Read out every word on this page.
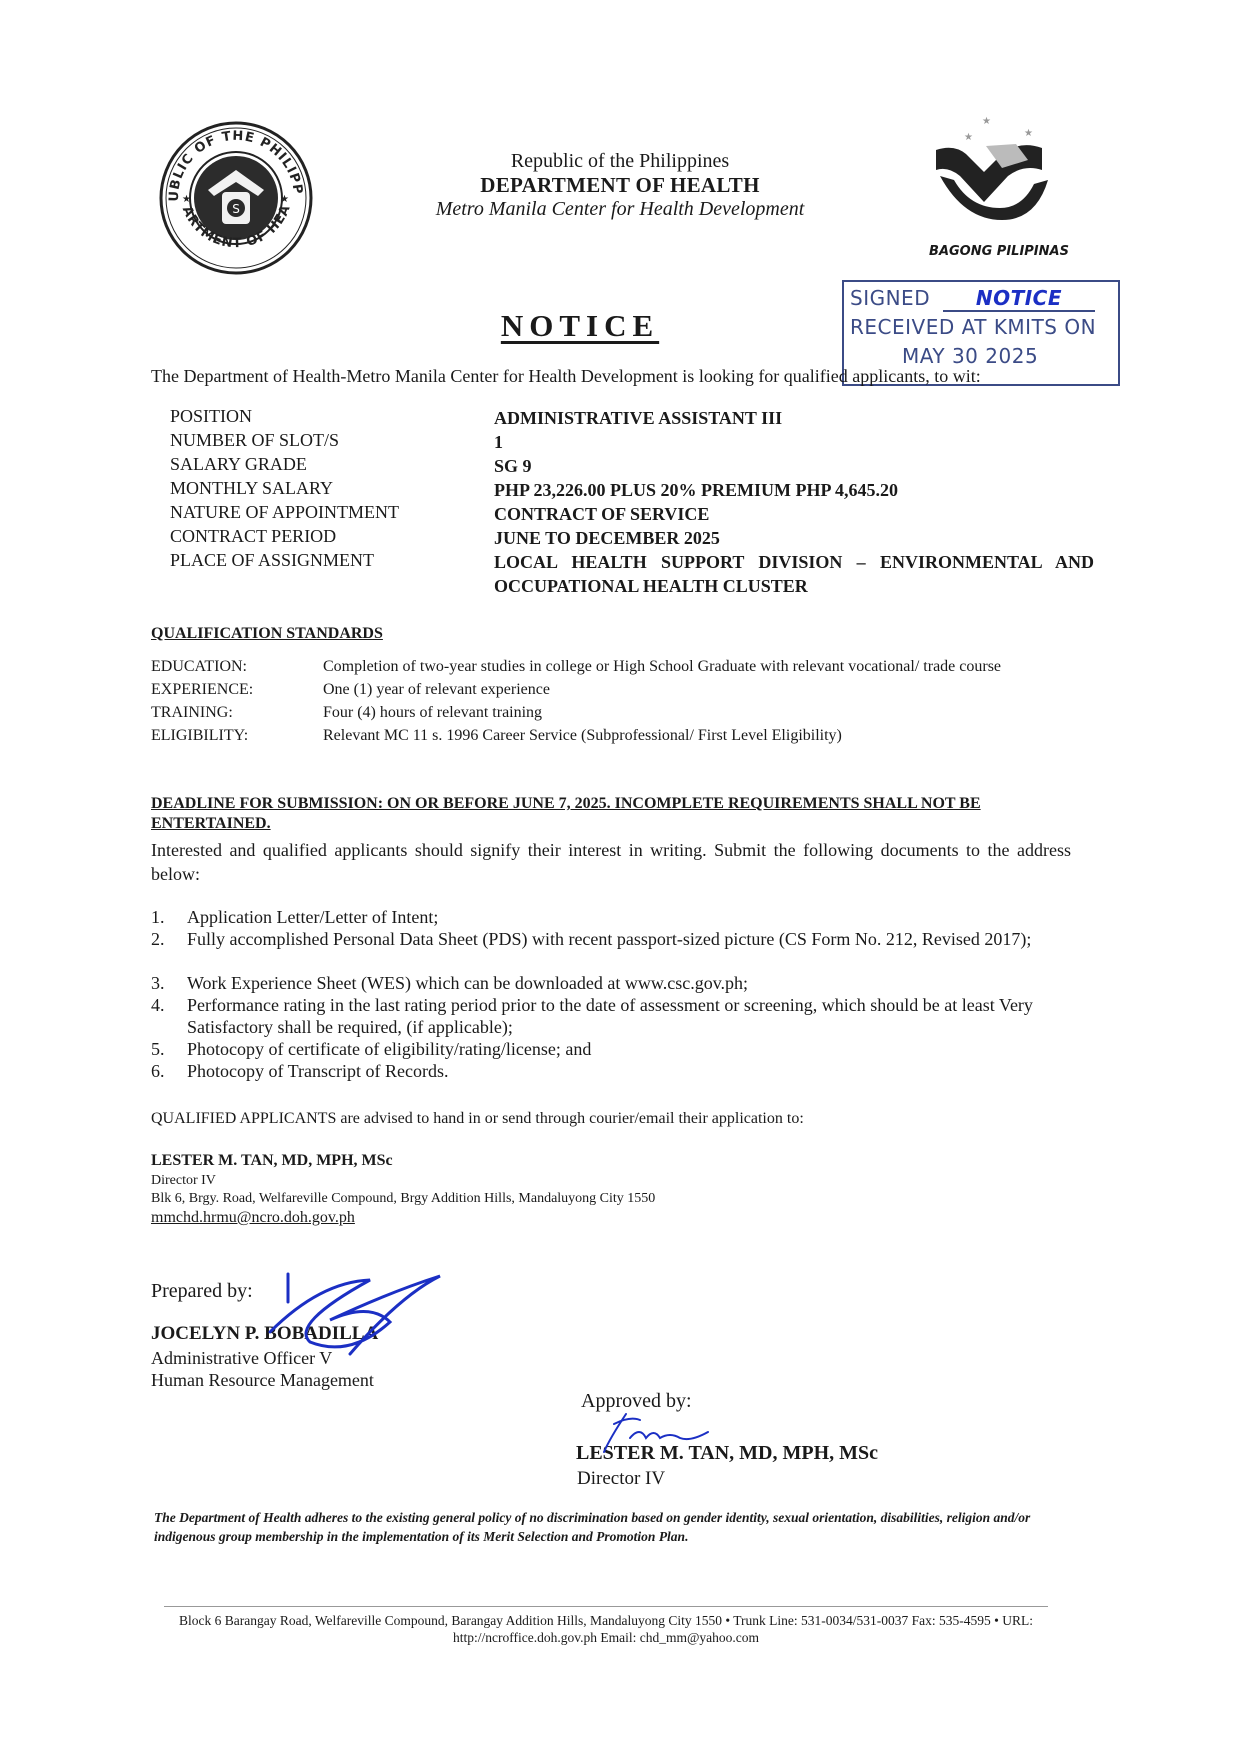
S
★	★
UBLIC OF THE PHILIPP
ARTMENT OF HEA
Republic of the Philippines
DEPARTMENT OF HEALTH
Metro Manila Center for Health Development
★
★	★
BAGONG PILIPINAS
SIGNED NOTICE
RECEIVED AT KMITS ON
MAY 30 2025
NOTICE
The Department of Health-Metro Manila Center for Health Development is looking for qualified applicants, to wit:
POSITION	ADMINISTRATIVE ASSISTANT III
NUMBER OF SLOT/S	1
SALARY GRADE	SG 9
MONTHLY SALARY	PHP 23,226.00 PLUS 20% PREMIUM PHP 4,645.20
NATURE OF APPOINTMENT	CONTRACT OF SERVICE
CONTRACT PERIOD	JUNE TO DECEMBER 2025
PLACE OF ASSIGNMENT	LOCAL HEALTH SUPPORT DIVISION – ENVIRONMENTAL AND OCCUPATIONAL HEALTH CLUSTER
QUALIFICATION STANDARDS
EDUCATION:	Completion of two-year studies in college or High School Graduate with relevant vocational/ trade course
EXPERIENCE:	One (1) year of relevant experience
TRAINING:	Four (4) hours of relevant training
ELIGIBILITY:	Relevant MC 11 s. 1996 Career Service (Subprofessional/ First Level Eligibility)
DEADLINE FOR SUBMISSION: ON OR BEFORE JUNE 7, 2025. INCOMPLETE REQUIREMENTS SHALL NOT BE ENTERTAINED.
Interested and qualified applicants should signify their interest in writing. Submit the following documents to the address below:
1. Application Letter/Letter of Intent;
2. Fully accomplished Personal Data Sheet (PDS) with recent passport-sized picture (CS Form No. 212, Revised 2017);
3. Work Experience Sheet (WES) which can be downloaded at www.csc.gov.ph;
4. Performance rating in the last rating period prior to the date of assessment or screening, which should be at least Very Satisfactory shall be required, (if applicable);
5. Photocopy of certificate of eligibility/rating/license; and
6. Photocopy of Transcript of Records.
QUALIFIED APPLICANTS are advised to hand in or send through courier/email their application to:
LESTER M. TAN, MD, MPH, MSc
Director IV
Blk 6, Brgy. Road, Welfareville Compound, Brgy Addition Hills, Mandaluyong City 1550
mmchd.hrmu@ncro.doh.gov.ph
Prepared by:
JOCELYN P. BOBADILLA
Administrative Officer V
Human Resource Management
Approved by:
LESTER M. TAN, MD, MPH, MSc
Director IV
The Department of Health adheres to the existing general policy of no discrimination based on gender identity, sexual orientation, disabilities, religion and/or indigenous group membership in the implementation of its Merit Selection and Promotion Plan.
Block 6 Barangay Road, Welfareville Compound, Barangay Addition Hills, Mandaluyong City 1550 • Trunk Line: 531-0034/531-0037 Fax: 535-4595 • URL: http://ncroffice.doh.gov.ph Email: chd_mm@yahoo.com
